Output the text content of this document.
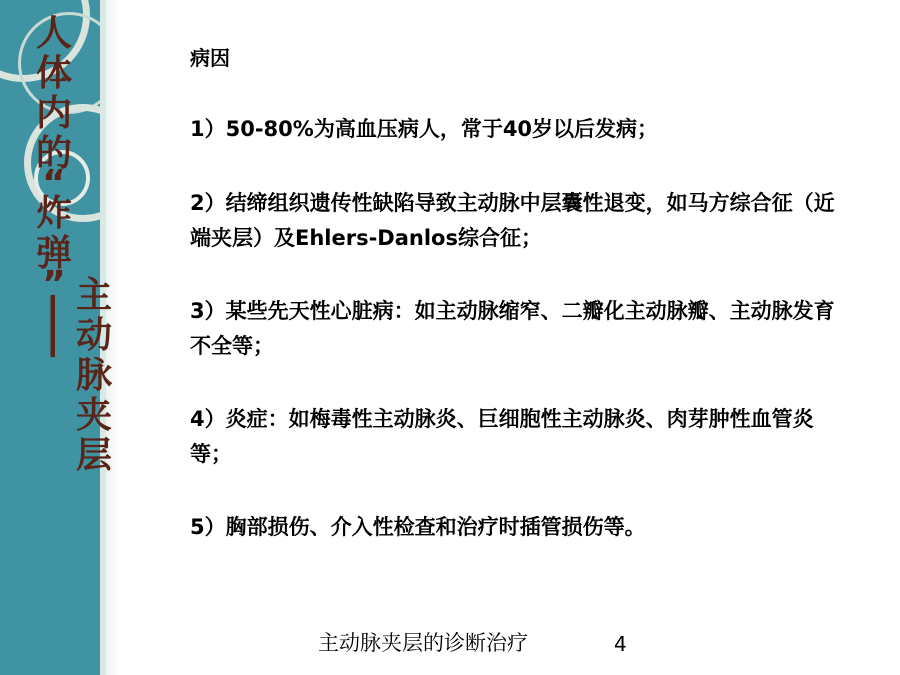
人
体
内
的
“
炸
弹
”
—
—
主
动
脉
夹
层
病因
1）50-80%为高血压病人，常于40岁以后发病；
2）结缔组织遗传性缺陷导致主动脉中层囊性退变，如马方综合征（近端夹层）及Ehlers-Danlos综合征；
3）某些先天性心脏病：如主动脉缩窄、二瓣化主动脉瓣、主动脉发育不全等；
4）炎症：如梅毒性主动脉炎、巨细胞性主动脉炎、肉芽肿性血管炎等；
5）胸部损伤、介入性检查和治疗时插管损伤等。
主动脉夹层的诊断治疗	4
